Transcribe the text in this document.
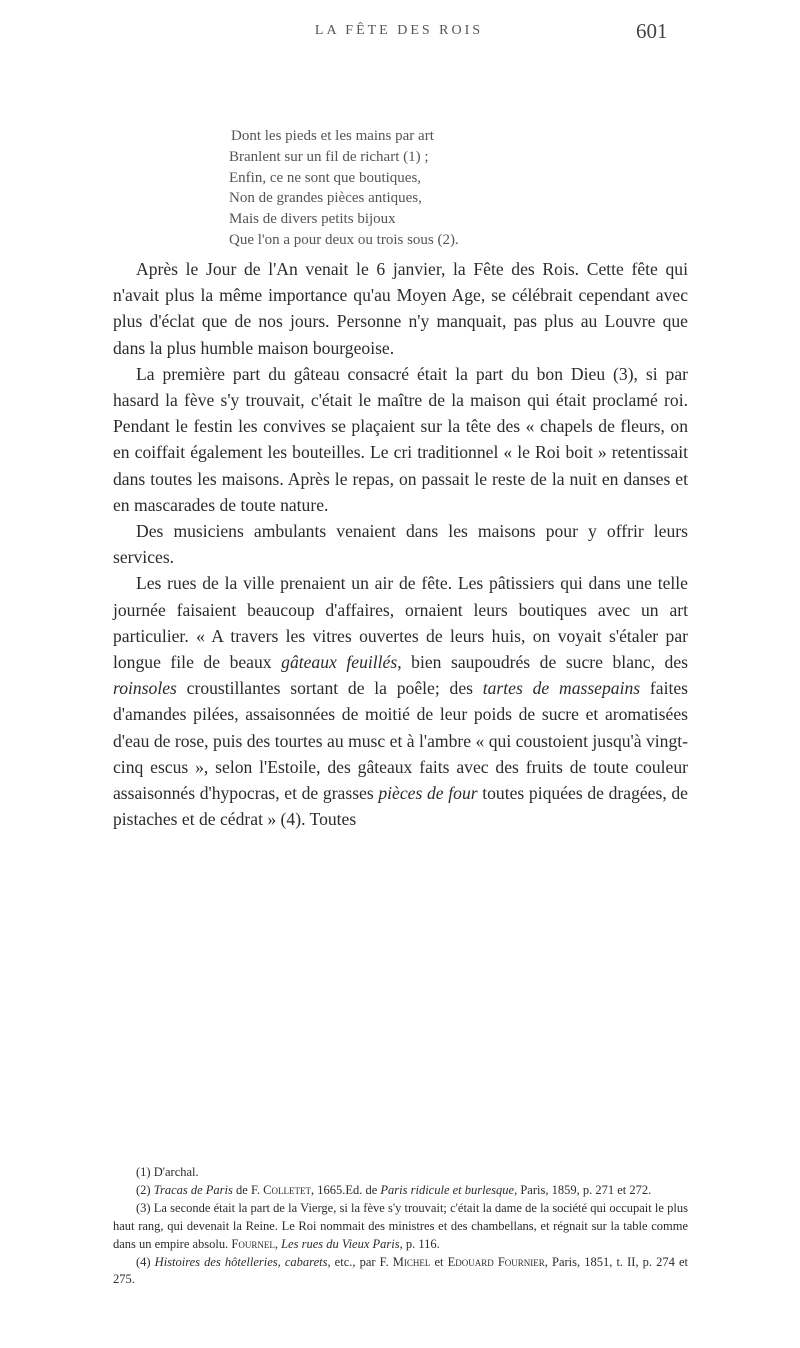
LA FÊTE DES ROIS	601
Dont les pieds et les mains par art
Branlent sur un fil de richart (1) ;
Enfin, ce ne sont que boutiques,
Non de grandes pièces antiques,
Mais de divers petits bijoux
Que l'on a pour deux ou trois sous (2).

Après le Jour de l'An venait le 6 janvier, la Fête des Rois. Cette fête qui n'avait plus la même importance qu'au Moyen Age, se célébrait cependant avec plus d'éclat que de nos jours. Personne n'y manquait, pas plus au Louvre que dans la plus humble maison bourgeoise.

La première part du gâteau consacré était la part du bon Dieu (3), si par hasard la fève s'y trouvait, c'était le maître de la maison qui était proclamé roi. Pendant le festin les convives se plaçaient sur la tête des « chapels de fleurs, on en coiffait également les bouteilles. Le cri traditionnel « le Roi boit » retentissait dans toutes les maisons. Après le repas, on passait le reste de la nuit en danses et en mascarades de toute nature.

Des musiciens ambulants venaient dans les maisons pour y offrir leurs services.

Les rues de la ville prenaient un air de fête. Les pâtissiers qui dans une telle journée faisaient beaucoup d'affaires, ornaient leurs boutiques avec un art particulier. « A travers les vitres ouvertes de leurs huis, on voyait s'étaler par longue file de beaux gâteaux feuillés, bien saupoudrés de sucre blanc, des roinsoles croustillantes sortant de la poêle; des tartes de massepains faites d'amandes pilées, assaisonnées de moitié de leur poids de sucre et aromatisées d'eau de rose, puis des tourtes au musc et à l'ambre « qui coustoient jusqu'à vingt-cinq escus », selon l'Estoile, des gâteaux faits avec des fruits de toute couleur assaisonnés d'hypocras, et de grasses pièces de four toutes piquées de dragées, de pistaches et de cédrat » (4). Toutes

(1) D'archal.

(2) Tracas de Paris de F. Colletet, 1665.Ed. de Paris ridicule et burlesque, Paris, 1859, p. 271 et 272.

(3) La seconde était la part de la Vierge, si la fève s'y trouvait; c'était la dame de la société qui occupait le plus haut rang, qui devenait la Reine. Le Roi nommait des ministres et des chambellans, et régnait sur la table comme dans un empire absolu. Fournel, Les rues du Vieux Paris, p. 116.

(4) Histoires des hôtelleries, cabarets, etc., par F. Michel et Edouard Fournier, Paris, 1851, t. II, p. 274 et 275.
